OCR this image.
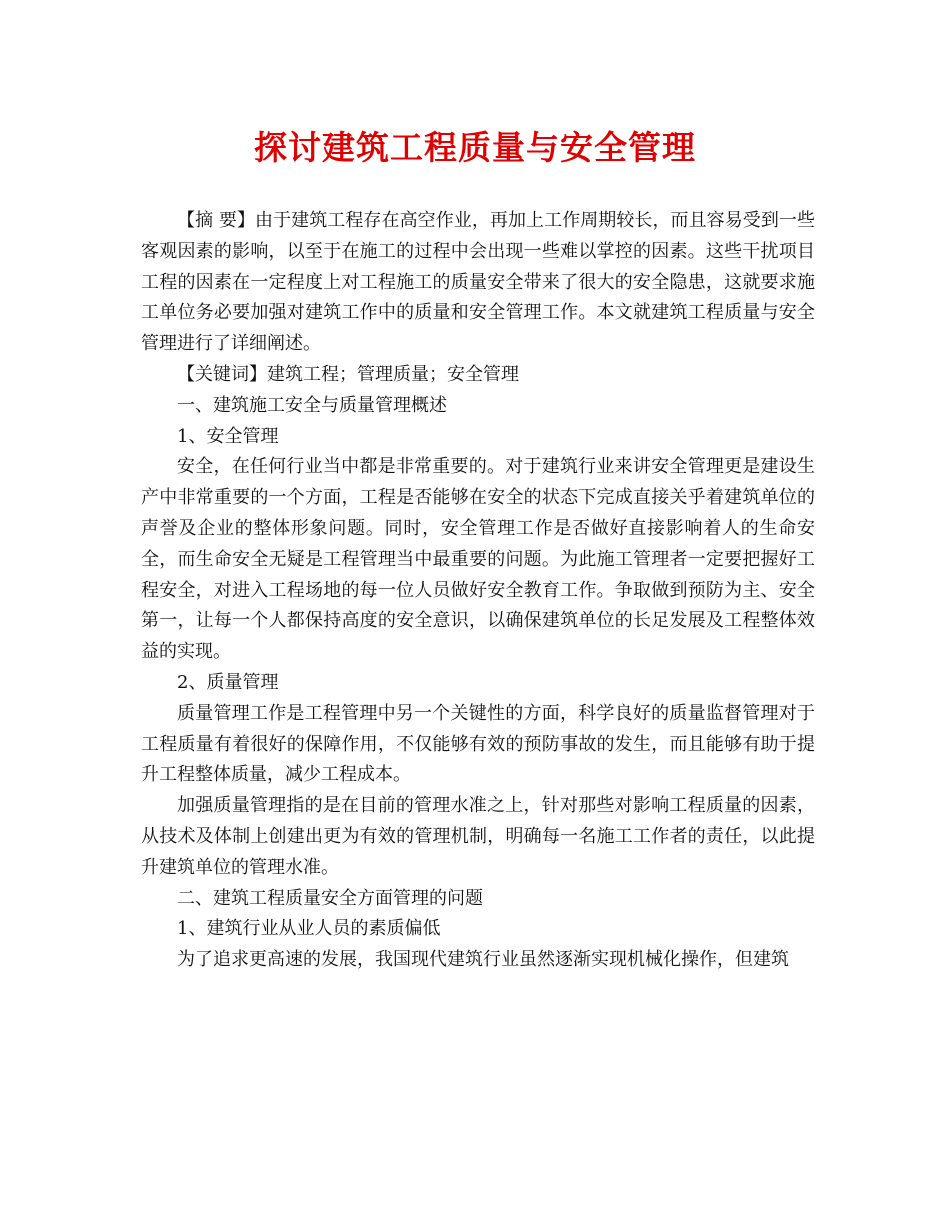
探讨建筑工程质量与安全管理

【摘 要】由于建筑工程存在高空作业，再加上工作周期较长，而且容易受到一些客观因素的影响，以至于在施工的过程中会出现一些难以掌控的因素。这些干扰项目工程的因素在一定程度上对工程施工的质量安全带来了很大的安全隐患，这就要求施工单位务必要加强对建筑工作中的质量和安全管理工作。本文就建筑工程质量与安全管理进行了详细阐述。

【关键词】建筑工程；管理质量；安全管理

一、建筑施工安全与质量管理概述

1、安全管理

安全，在任何行业当中都是非常重要的。对于建筑行业来讲安全管理更是建设生产中非常重要的一个方面，工程是否能够在安全的状态下完成直接关乎着建筑单位的声誉及企业的整体形象问题。同时，安全管理工作是否做好直接影响着人的生命安全，而生命安全无疑是工程管理当中最重要的问题。为此施工管理者一定要把握好工程安全，对进入工程场地的每一位人员做好安全教育工作。争取做到预防为主、安全第一，让每一个人都保持高度的安全意识，以确保建筑单位的长足发展及工程整体效益的实现。

2、质量管理

质量管理工作是工程管理中另一个关键性的方面，科学良好的质量监督管理对于工程质量有着很好的保障作用，不仅能够有效的预防事故的发生，而且能够有助于提升工程整体质量，减少工程成本。

加强质量管理指的是在目前的管理水准之上，针对那些对影响工程质量的因素，从技术及体制上创建出更为有效的管理机制，明确每一名施工工作者的责任，以此提升建筑单位的管理水准。

二、建筑工程质量安全方面管理的问题

1、建筑行业从业人员的素质偏低

为了追求更高速的发展，我国现代建筑行业虽然逐渐实现机械化操作，但建筑
